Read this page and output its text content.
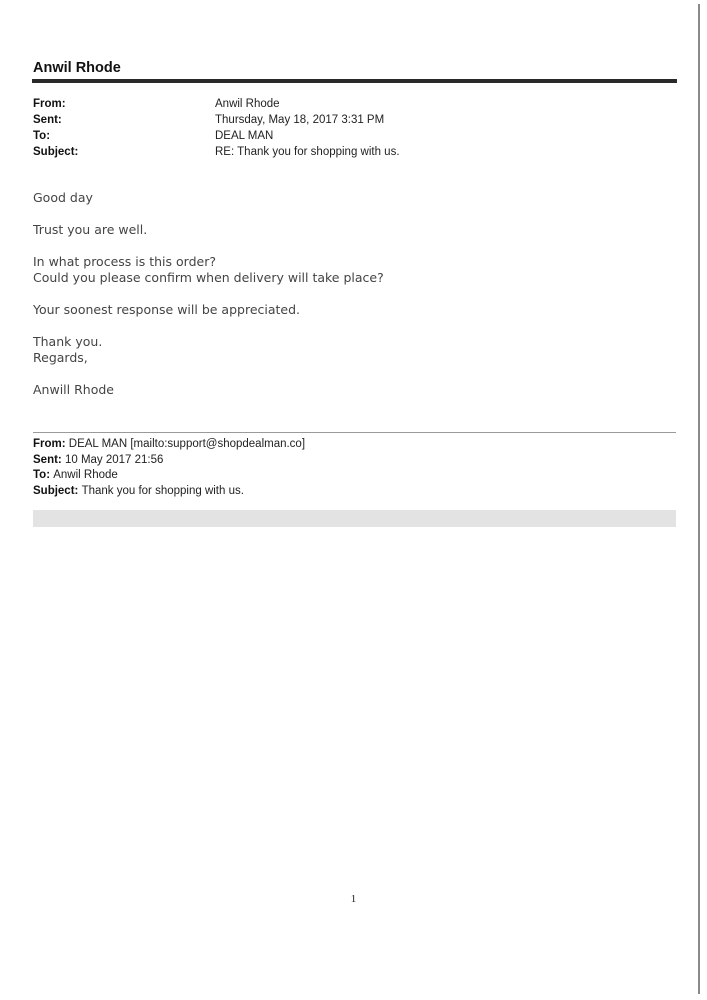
Anwil Rhode
From:	Anwil Rhode
Sent:	Thursday, May 18, 2017 3:31 PM
To:	DEAL MAN
Subject:	RE: Thank you for shopping with us.
Good day
Trust you are well.
In what process is this order?
Could you please confirm when delivery will take place?
Your soonest response will be appreciated.
Thank you.
Regards,
Anwill Rhode
From: DEAL MAN [mailto:support@shopdealman.co]
Sent: 10 May 2017 21:56
To: Anwil Rhode
Subject: Thank you for shopping with us.
1
